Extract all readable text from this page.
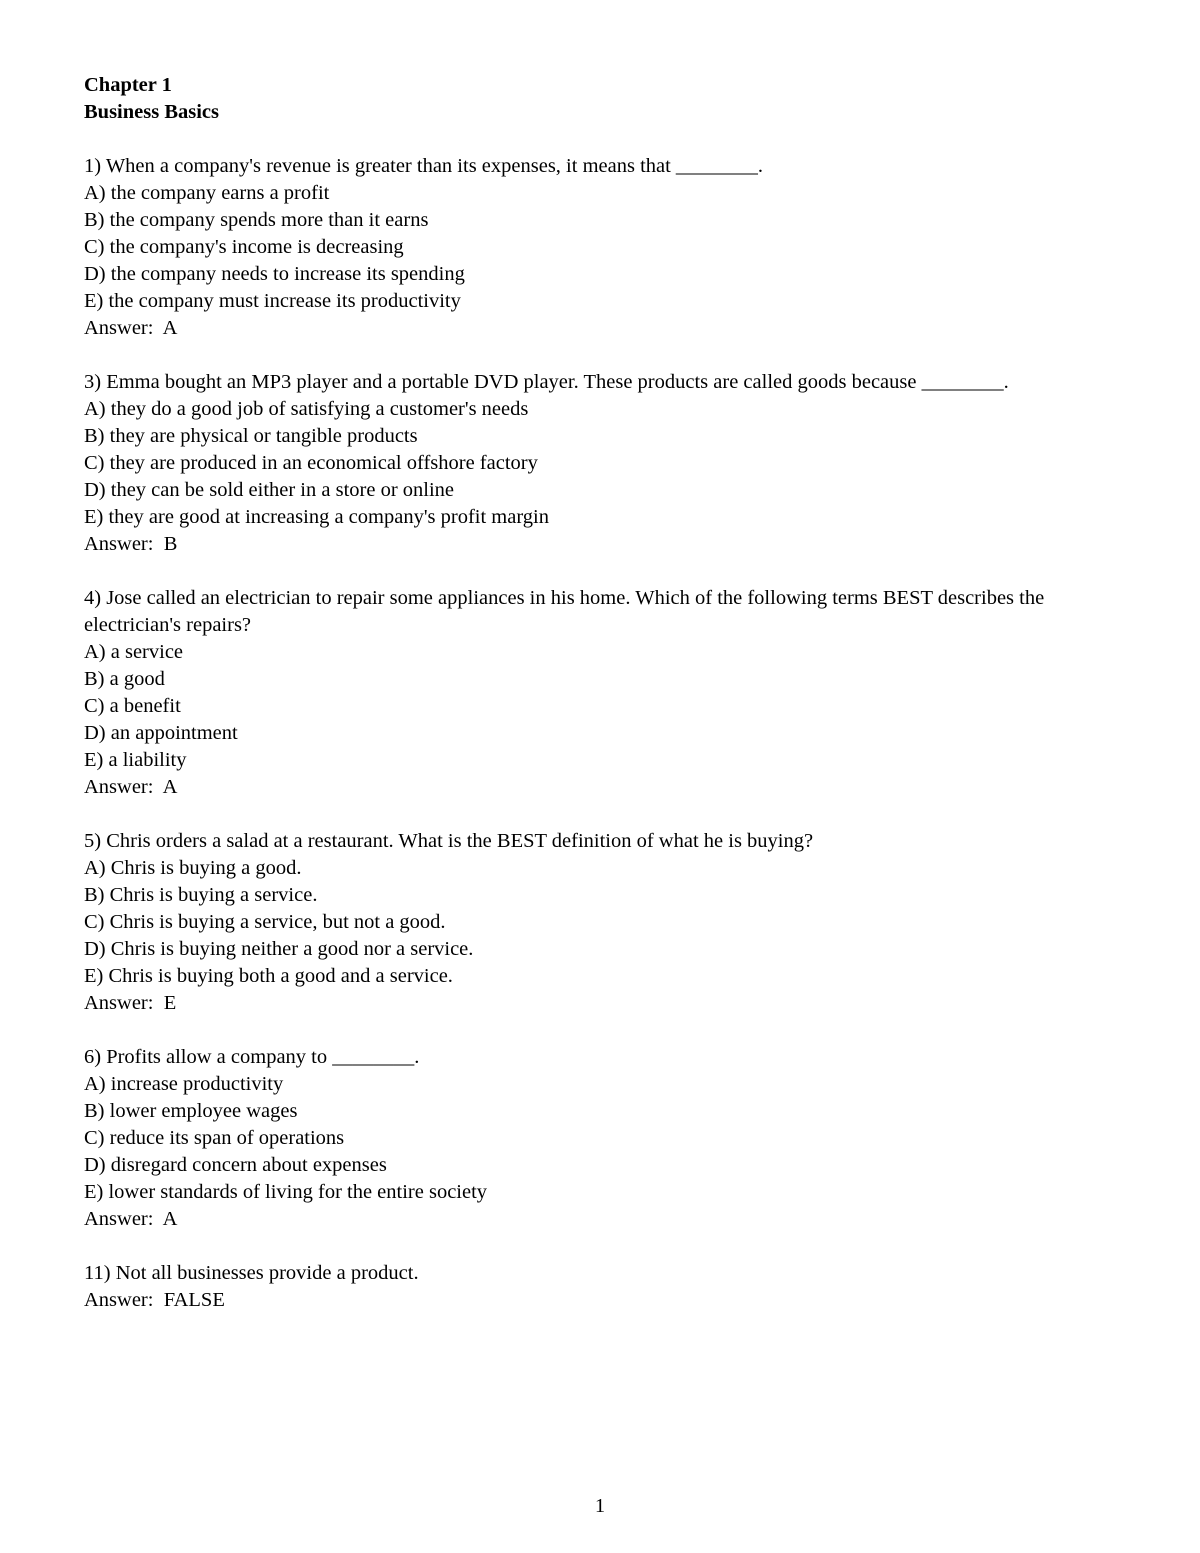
Chapter 1
Business Basics
1) When a company's revenue is greater than its expenses, it means that ________.
A) the company earns a profit
B) the company spends more than it earns
C) the company's income is decreasing
D) the company needs to increase its spending
E) the company must increase its productivity
Answer:  A
3) Emma bought an MP3 player and a portable DVD player. These products are called goods because ________.
A) they do a good job of satisfying a customer's needs
B) they are physical or tangible products
C) they are produced in an economical offshore factory
D) they can be sold either in a store or online
E) they are good at increasing a company's profit margin
Answer:  B
4) Jose called an electrician to repair some appliances in his home. Which of the following terms BEST describes the electrician's repairs?
A) a service
B) a good
C) a benefit
D) an appointment
E) a liability
Answer:  A
5) Chris orders a salad at a restaurant. What is the BEST definition of what he is buying?
A) Chris is buying a good.
B) Chris is buying a service.
C) Chris is buying a service, but not a good.
D) Chris is buying neither a good nor a service.
E) Chris is buying both a good and a service.
Answer:  E
6) Profits allow a company to ________.
A) increase productivity
B) lower employee wages
C) reduce its span of operations
D) disregard concern about expenses
E) lower standards of living for the entire society
Answer:  A
11) Not all businesses provide a product.
Answer:  FALSE
1
